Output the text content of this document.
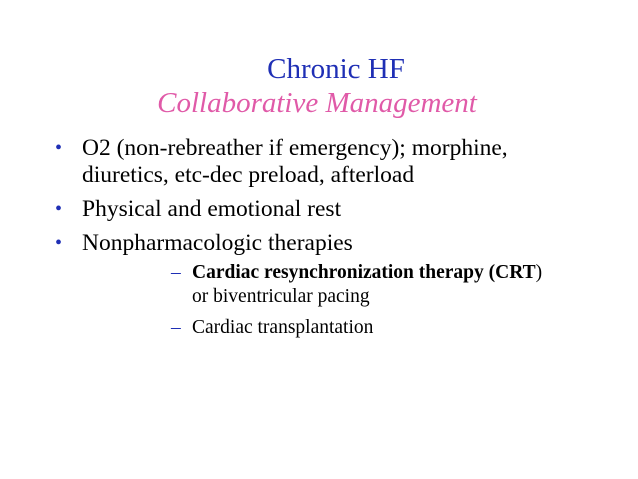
Chronic HF
Collaborative Management
• O2 (non-rebreather if emergency); morphine, diuretics, etc-dec preload, afterload
• Physical and emotional rest
• Nonpharmacologic therapies
– Cardiac resynchronization therapy (CRT) or biventricular pacing
– Cardiac transplantation
